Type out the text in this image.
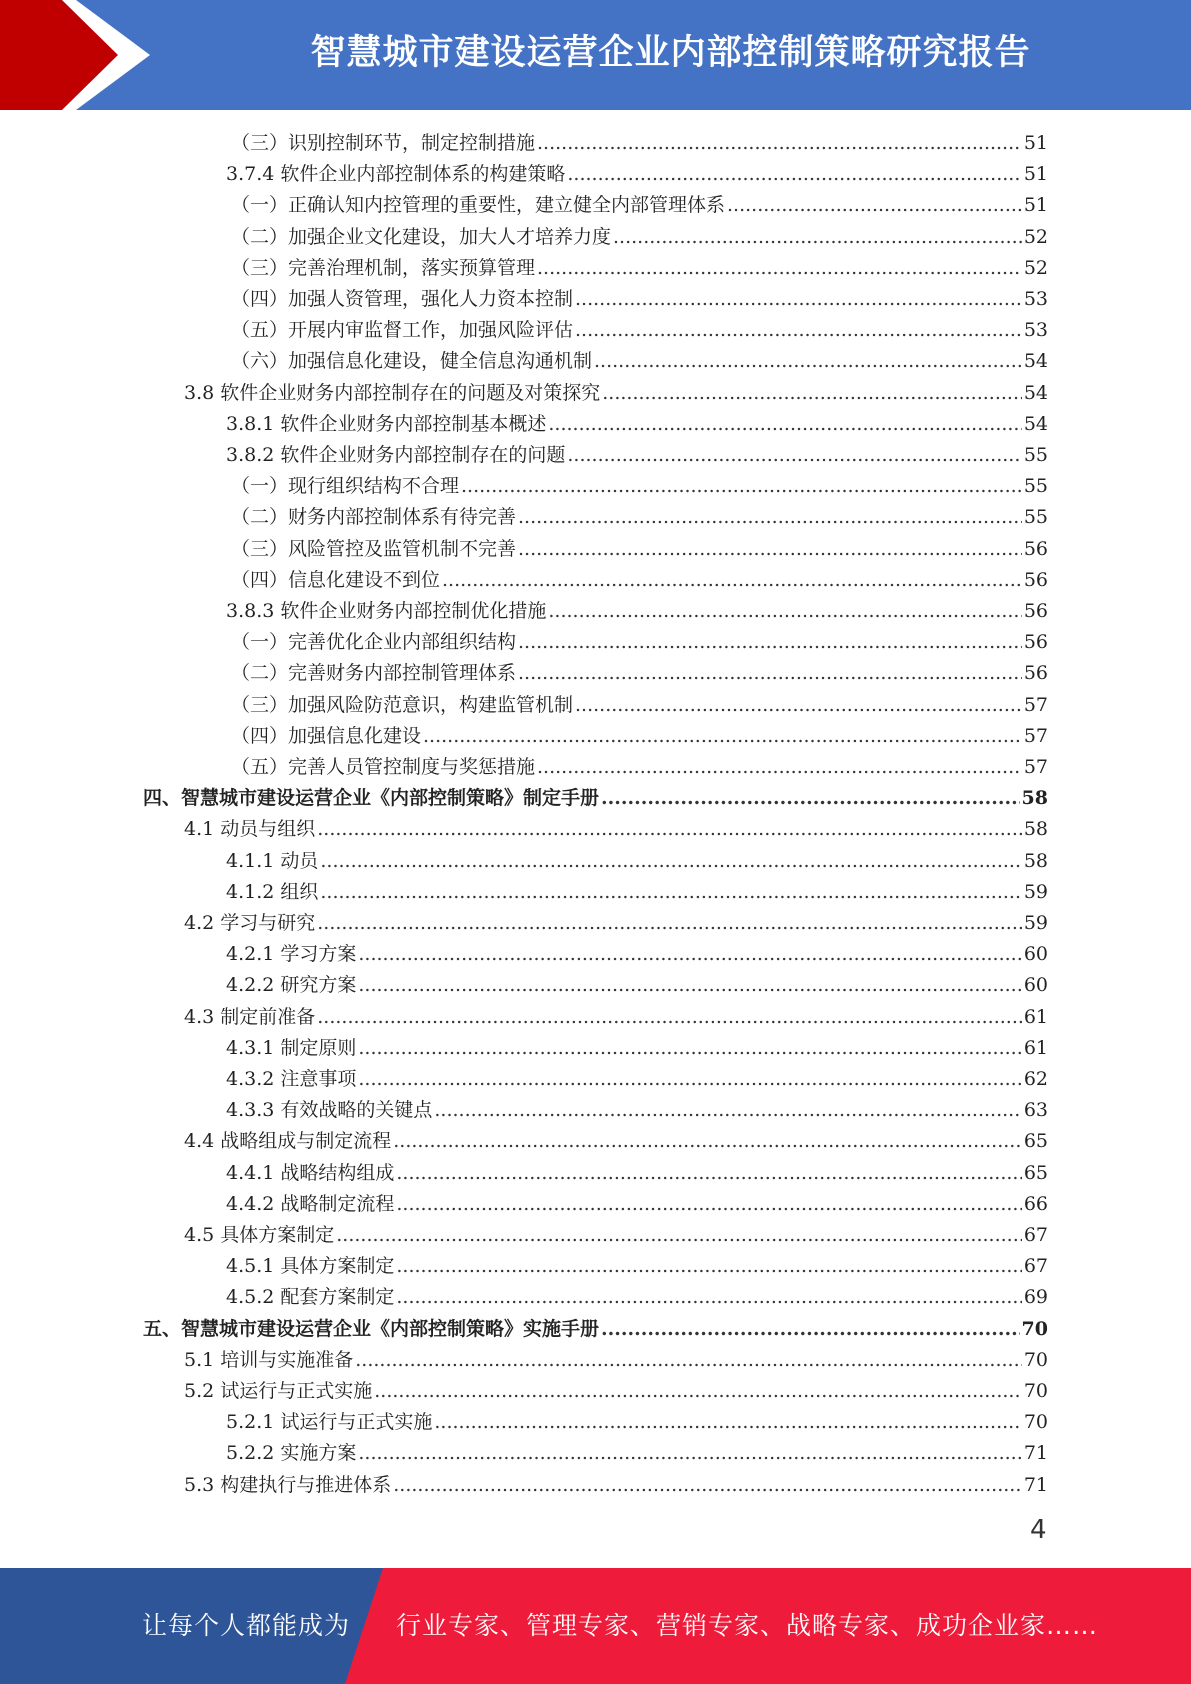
智慧城市建设运营企业内部控制策略研究报告
（三）识别控制环节，制定控制措施 .....	51
3.7.4 软件企业内部控制体系的构建策略 .....	51
（一）正确认知内控管理的重要性，建立健全内部管理体系 .....	51
（二）加强企业文化建设，加大人才培养力度 .....	52
（三）完善治理机制，落实预算管理 .....	52
（四）加强人资管理，强化人力资本控制 .....	53
（五）开展内审监督工作，加强风险评估 .....	53
（六）加强信息化建设，健全信息沟通机制 .....	54
3.8 软件企业财务内部控制存在的问题及对策探究 .....	54
3.8.1 软件企业财务内部控制基本概述 .....	54
3.8.2 软件企业财务内部控制存在的问题 .....	55
（一）现行组织结构不合理 .....	55
（二）财务内部控制体系有待完善 .....	55
（三）风险管控及监管机制不完善 .....	56
（四）信息化建设不到位 .....	56
3.8.3 软件企业财务内部控制优化措施 .....	56
（一）完善优化企业内部组织结构 .....	56
（二）完善财务内部控制管理体系 .....	56
（三）加强风险防范意识，构建监管机制 .....	57
（四）加强信息化建设 .....	57
（五）完善人员管控制度与奖惩措施 .....	57
四、智慧城市建设运营企业《内部控制策略》制定手册 .....	58
4.1 动员与组织 .....	58
4.1.1 动员 .....	58
4.1.2 组织 .....	59
4.2 学习与研究 .....	59
4.2.1 学习方案 .....	60
4.2.2 研究方案 .....	60
4.3 制定前准备 .....	61
4.3.1 制定原则 .....	61
4.3.2 注意事项 .....	62
4.3.3 有效战略的关键点 .....	63
4.4 战略组成与制定流程 .....	65
4.4.1 战略结构组成 .....	65
4.4.2 战略制定流程 .....	66
4.5 具体方案制定 .....	67
4.5.1 具体方案制定 .....	67
4.5.2 配套方案制定 .....	69
五、智慧城市建设运营企业《内部控制策略》实施手册 .....	70
5.1 培训与实施准备 .....	70
5.2 试运行与正式实施 .....	70
5.2.1 试运行与正式实施 .....	70
5.2.2 实施方案 .....	71
5.3 构建执行与推进体系 .....	71
4
让每个人都能成为 行业专家、管理专家、营销专家、战略专家、成功企业家……
